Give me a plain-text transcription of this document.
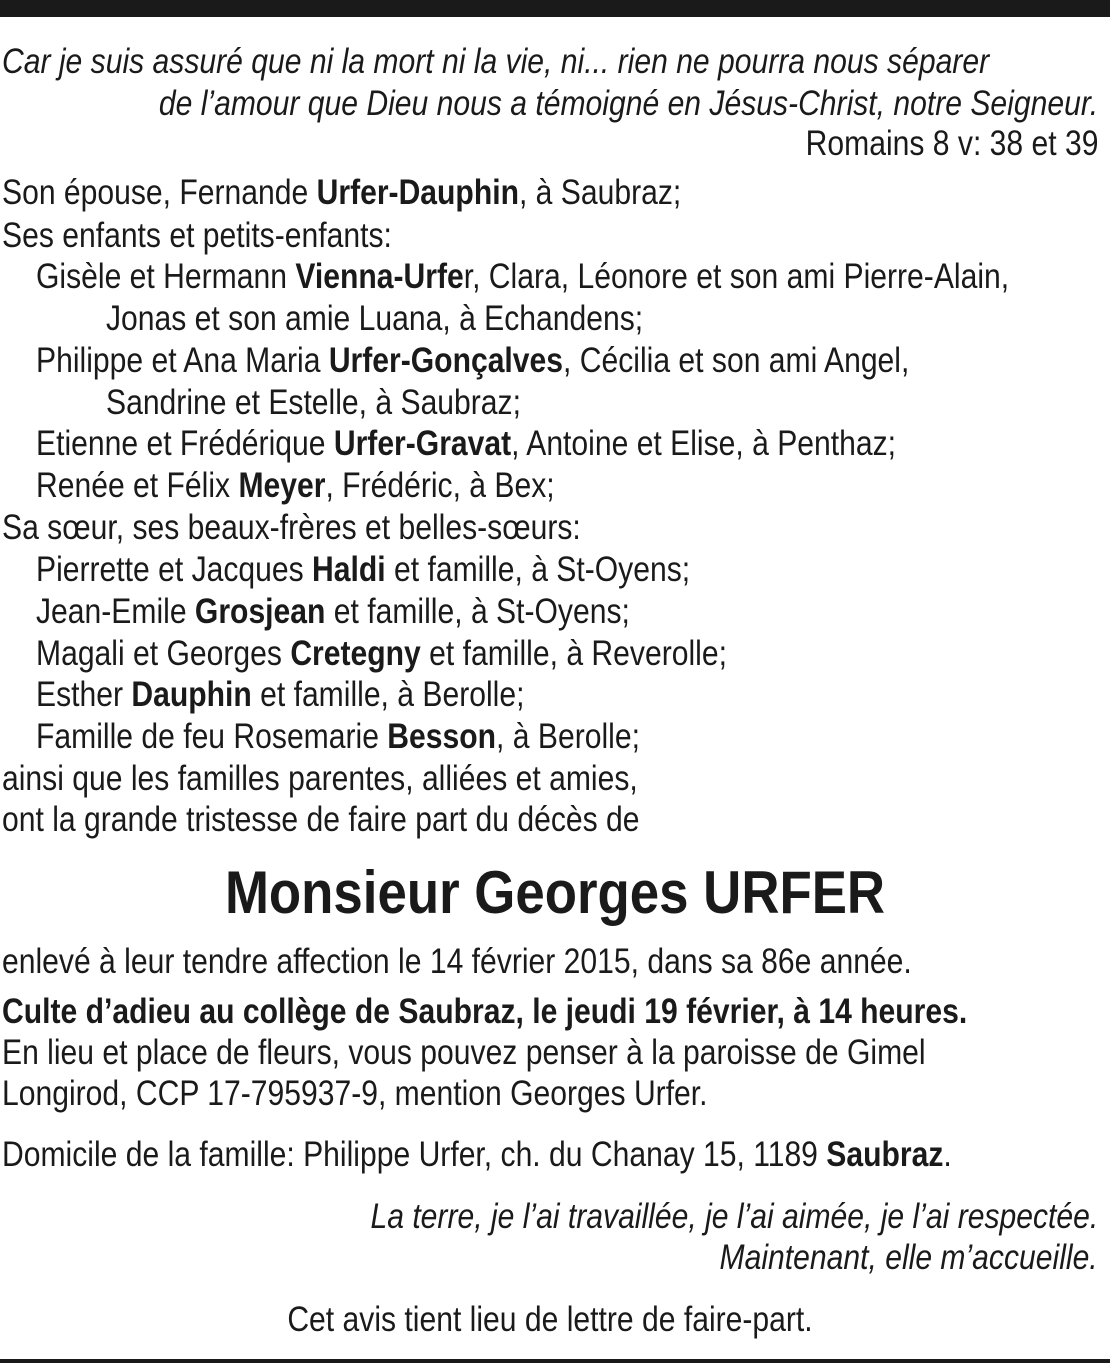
Car je suis assuré que ni la mort ni la vie, ni... rien ne pourra nous séparer
de l’amour que Dieu nous a témoigné en Jésus-Christ, notre Seigneur.
Romains 8 v: 38 et 39
Son épouse, Fernande Urfer-Dauphin, à Saubraz;
Ses enfants et petits-enfants:
Gisèle et Hermann Vienna-Urfer, Clara, Léonore et son ami Pierre-Alain,
Jonas et son amie Luana, à Echandens;
Philippe et Ana Maria Urfer-Gonçalves, Cécilia et son ami Angel,
Sandrine et Estelle, à Saubraz;
Etienne et Frédérique Urfer-Gravat, Antoine et Elise, à Penthaz;
Renée et Félix Meyer, Frédéric, à Bex;
Sa sœur, ses beaux-frères et belles-sœurs:
Pierrette et Jacques Haldi et famille, à St-Oyens;
Jean-Emile Grosjean et famille, à St-Oyens;
Magali et Georges Cretegny et famille, à Reverolle;
Esther Dauphin et famille, à Berolle;
Famille de feu Rosemarie Besson, à Berolle;
ainsi que les familles parentes, alliées et amies,
ont la grande tristesse de faire part du décès de
Monsieur Georges URFER
enlevé à leur tendre affection le 14 février 2015, dans sa 86e année.
Culte d’adieu au collège de Saubraz, le jeudi 19 février, à 14 heures.
En lieu et place de fleurs, vous pouvez penser à la paroisse de Gimel
Longirod, CCP 17-795937-9, mention Georges Urfer.
Domicile de la famille: Philippe Urfer, ch. du Chanay 15, 1189 Saubraz.
La terre, je l’ai travaillée, je l’ai aimée, je l’ai respectée.
Maintenant, elle m’accueille.
Cet avis tient lieu de lettre de faire-part.
